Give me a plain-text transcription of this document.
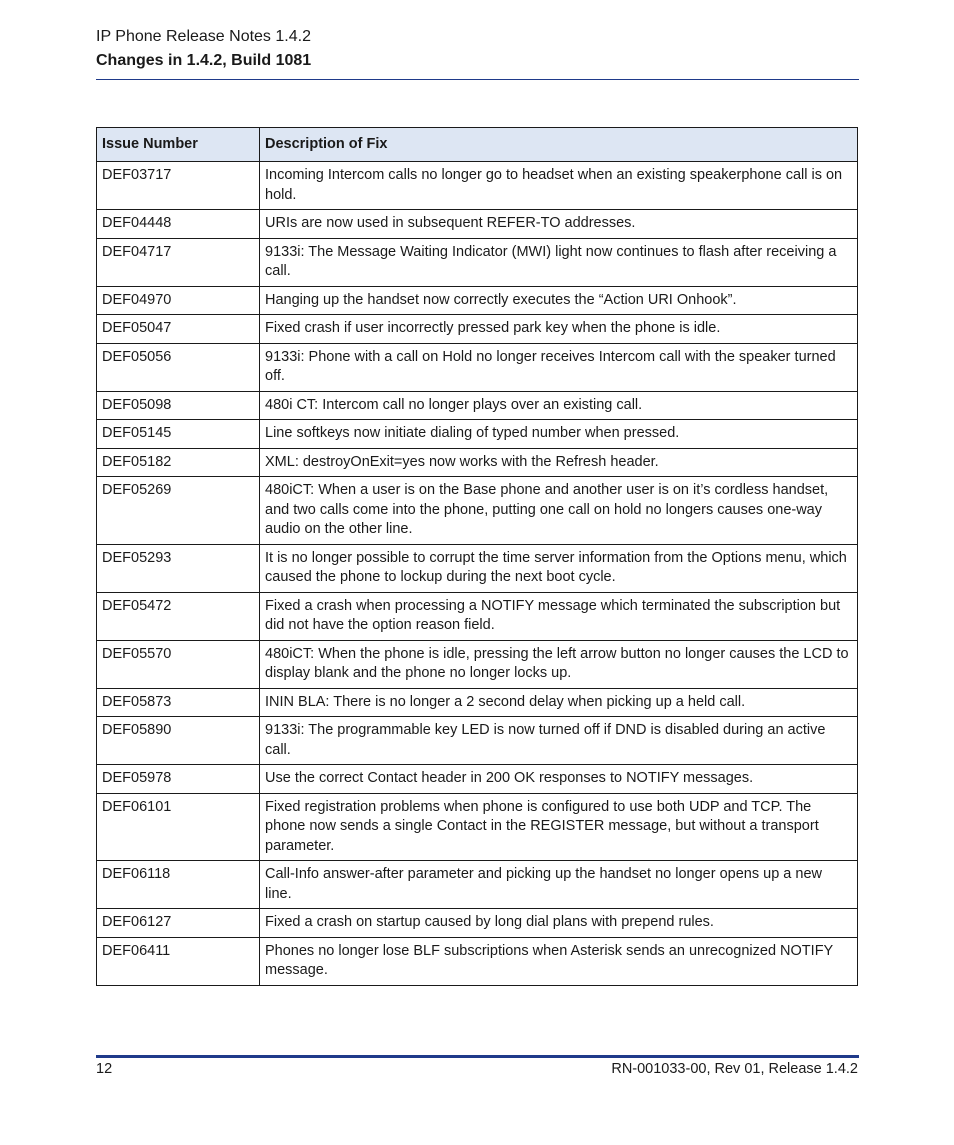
IP Phone Release Notes 1.4.2
Changes in 1.4.2, Build 1081
Issue Number	Description of Fix
DEF03717	Incoming Intercom calls no longer go to headset when an existing speakerphone call is on hold.
DEF04448	URIs are now used in subsequent REFER-TO addresses.
DEF04717	9133i: The Message Waiting Indicator (MWI) light now continues to flash after receiving a call.
DEF04970	Hanging up the handset now correctly executes the “Action URI Onhook”.
DEF05047	Fixed crash if user incorrectly pressed park key when the phone is idle.
DEF05056	9133i: Phone with a call on Hold no longer receives Intercom call with the speaker turned off.
DEF05098	480i CT: Intercom call no longer plays over an existing call.
DEF05145	Line softkeys now initiate dialing of typed number when pressed.
DEF05182	XML: destroyOnExit=yes now works with the Refresh header.
DEF05269	480iCT: When a user is on the Base phone and another user is on it’s cordless handset, and two calls come into the phone, putting one call on hold no longers causes one-way audio on the other line.
DEF05293	It is no longer possible to corrupt the time server information from the Options menu, which caused the phone to lockup during the next boot cycle.
DEF05472	Fixed a crash when processing a NOTIFY message which terminated the subscription but did not have the option reason field.
DEF05570	480iCT: When the phone is idle, pressing the left arrow button no longer causes the LCD to display blank and the phone no longer locks up.
DEF05873	ININ BLA: There is no longer a 2 second delay when picking up a held call.
DEF05890	9133i: The programmable key LED is now turned off if DND is disabled during an active call.
DEF05978	Use the correct Contact header in 200 OK responses to NOTIFY messages.
DEF06101	Fixed registration problems when phone is configured to use both UDP and TCP. The phone now sends a single Contact in the REGISTER message, but without a transport parameter.
DEF06118	Call-Info answer-after parameter and picking up the handset no longer opens up a new line.
DEF06127	Fixed a crash on startup caused by long dial plans with prepend rules.
DEF06411	Phones no longer lose BLF subscriptions when Asterisk sends an unrecognized NOTIFY message.
12	RN-001033-00, Rev 01, Release 1.4.2
